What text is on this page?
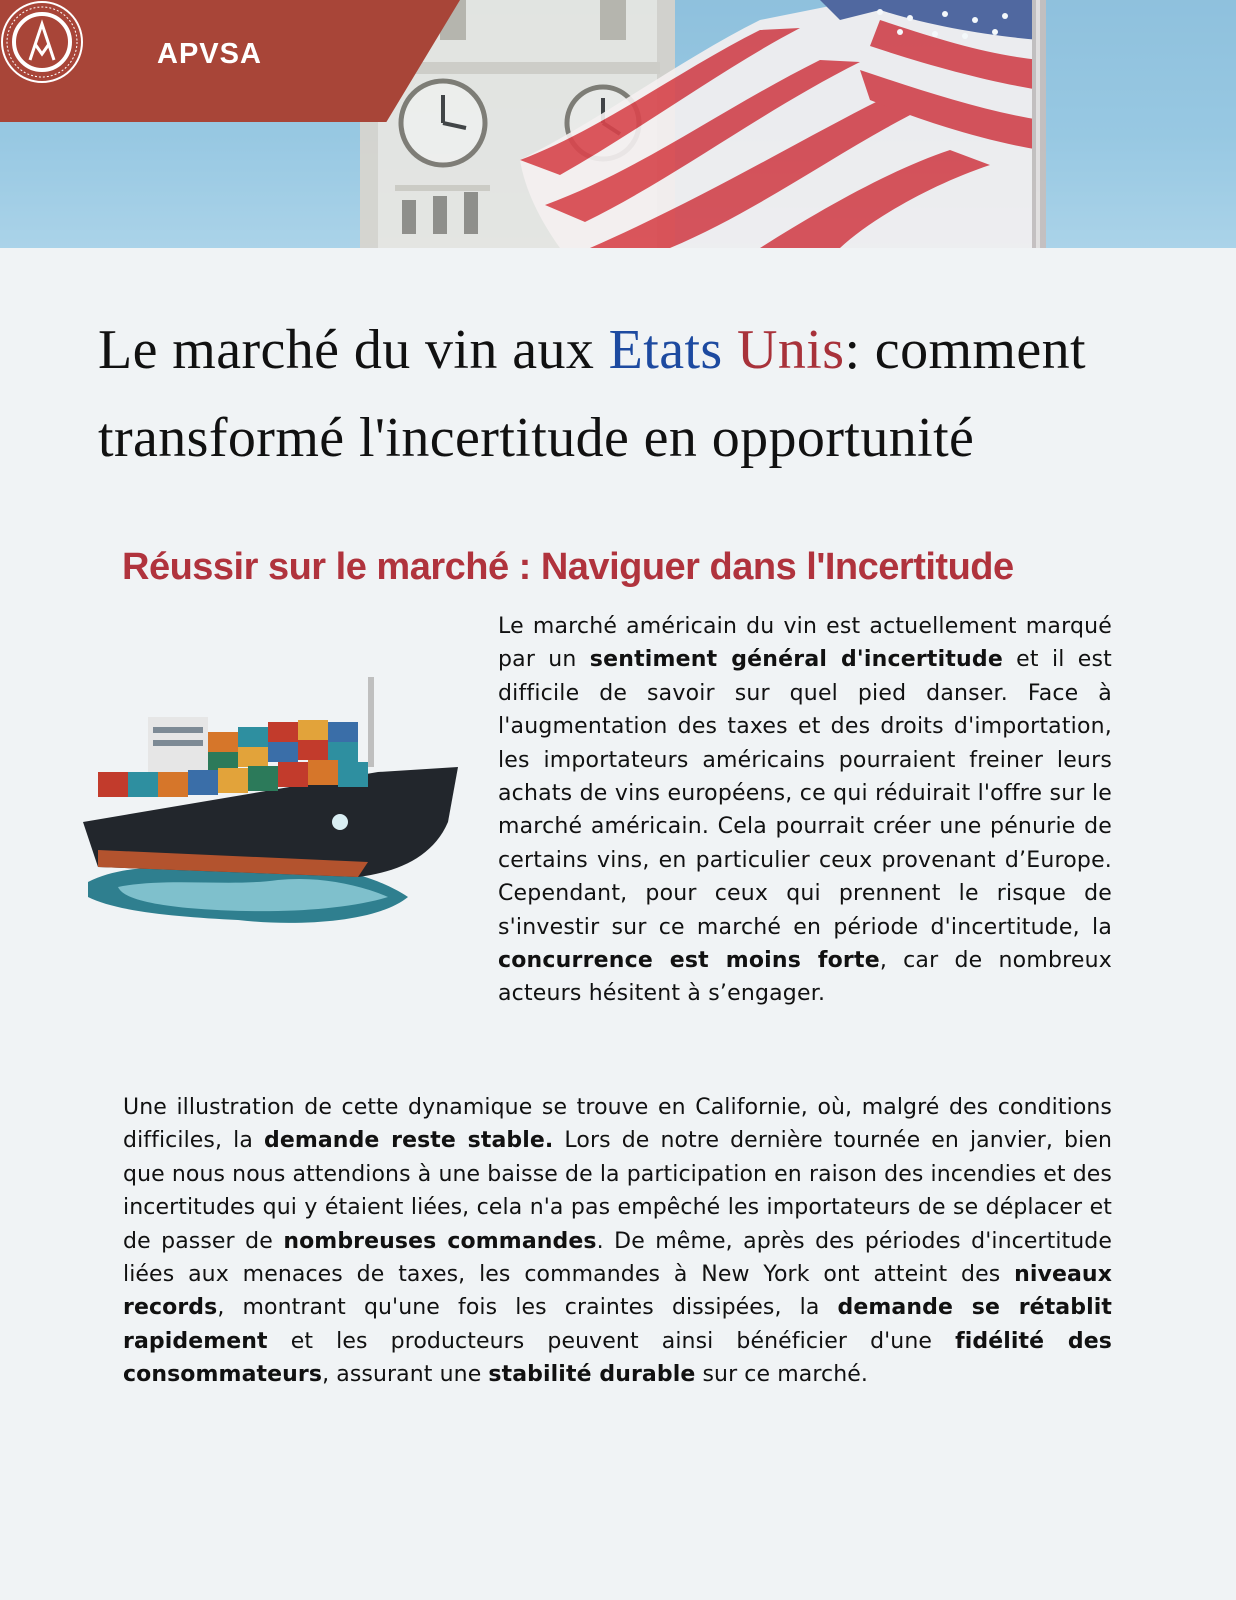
APVSA
Le marché du vin aux Etats Unis: comment transformé l'incertitude en opportunité
Réussir sur le marché : Naviguer dans l'Incertitude

Le marché américain du vin est actuellement marqué par un sentiment général d'incertitude et il est difficile de savoir sur quel pied danser. Face à l'augmentation des taxes et des droits d'importation, les importateurs américains pourraient freiner leurs achats de vins européens, ce qui réduirait l'offre sur le marché américain. Cela pourrait créer une pénurie de certains vins, en particulier ceux provenant d’Europe. Cependant, pour ceux qui prennent le risque de s'investir sur ce marché en période d'incertitude, la concurrence est moins forte, car de nombreux acteurs hésitent à s’engager.

Une illustration de cette dynamique se trouve en Californie, où, malgré des conditions difficiles, la demande reste stable. Lors de notre dernière tournée en janvier, bien que nous nous attendions à une baisse de la participation en raison des incendies et des incertitudes qui y étaient liées, cela n'a pas empêché les importateurs de se déplacer et de passer de nombreuses commandes. De même, après des périodes d'incertitude liées aux menaces de taxes, les commandes à New York ont atteint des niveaux records, montrant qu'une fois les craintes dissipées, la demande se rétablit rapidement et les producteurs peuvent ainsi bénéficier d'une fidélité des consommateurs, assurant une stabilité durable sur ce marché.
